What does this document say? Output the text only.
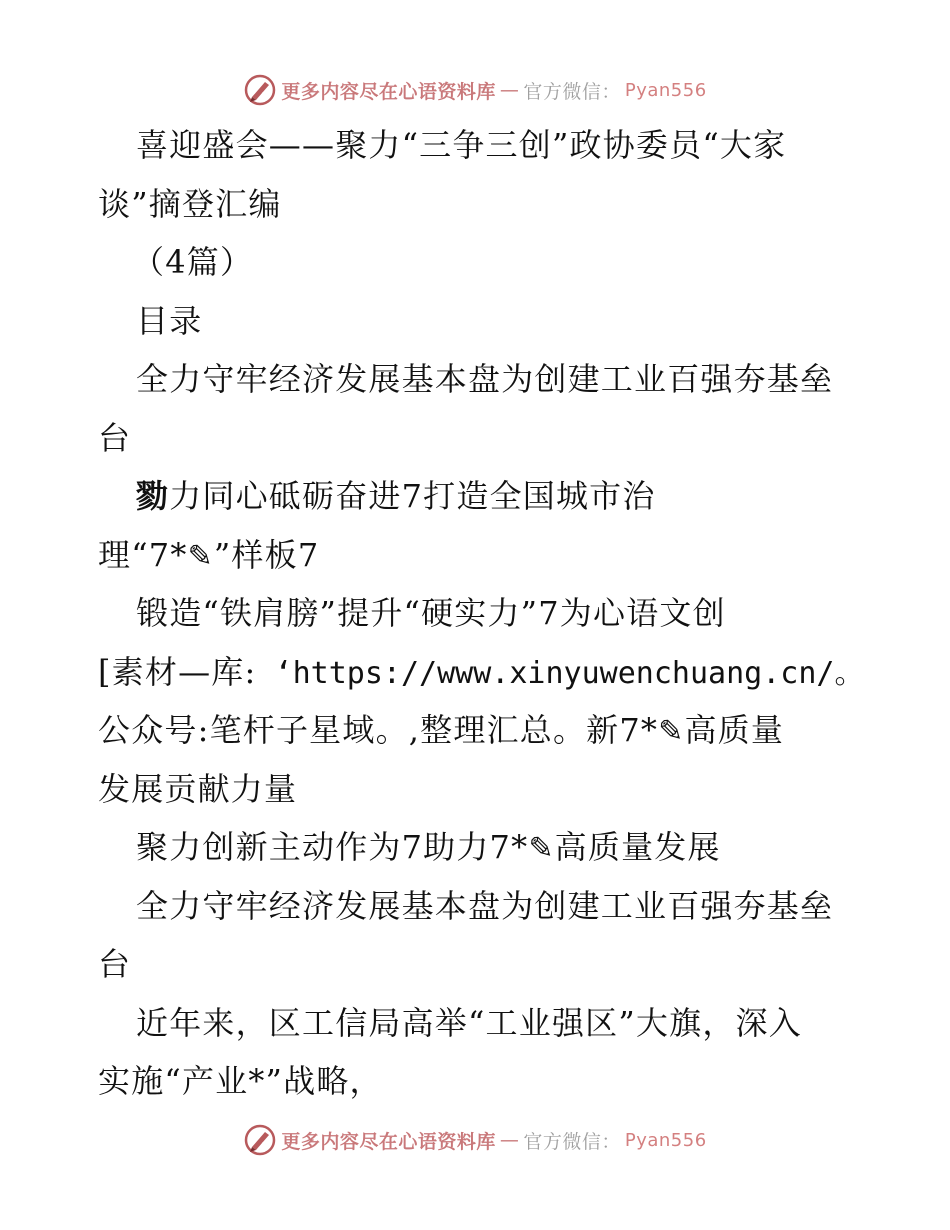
更多内容尽在心语资料库 — 官方微信： Pyan556
喜迎盛会——聚力“三争三创”政协委员“大家
谈”摘登汇编
（4篇）
目录
全力守牢经济发展基本盘为创建工业百强夯基垒
台
勠力同心砥砺奋进7打造全国城市治
理“7*✎”样板7
锻造“铁肩膀”提升“硬实力”7为心语文创
[素材—库: ‘https://www.xinyuwenchuang.cn/。
公众号:笔杆子星域。,整理汇总。新7*✎高质量
发展贡献力量
聚力创新主动作为7助力7*✎高质量发展
全力守牢经济发展基本盘为创建工业百强夯基垒
台
近年来，区工信局高举“工业强区”大旗，深入
实施“产业*”战略，
更多内容尽在心语资料库 — 官方微信： Pyan556
